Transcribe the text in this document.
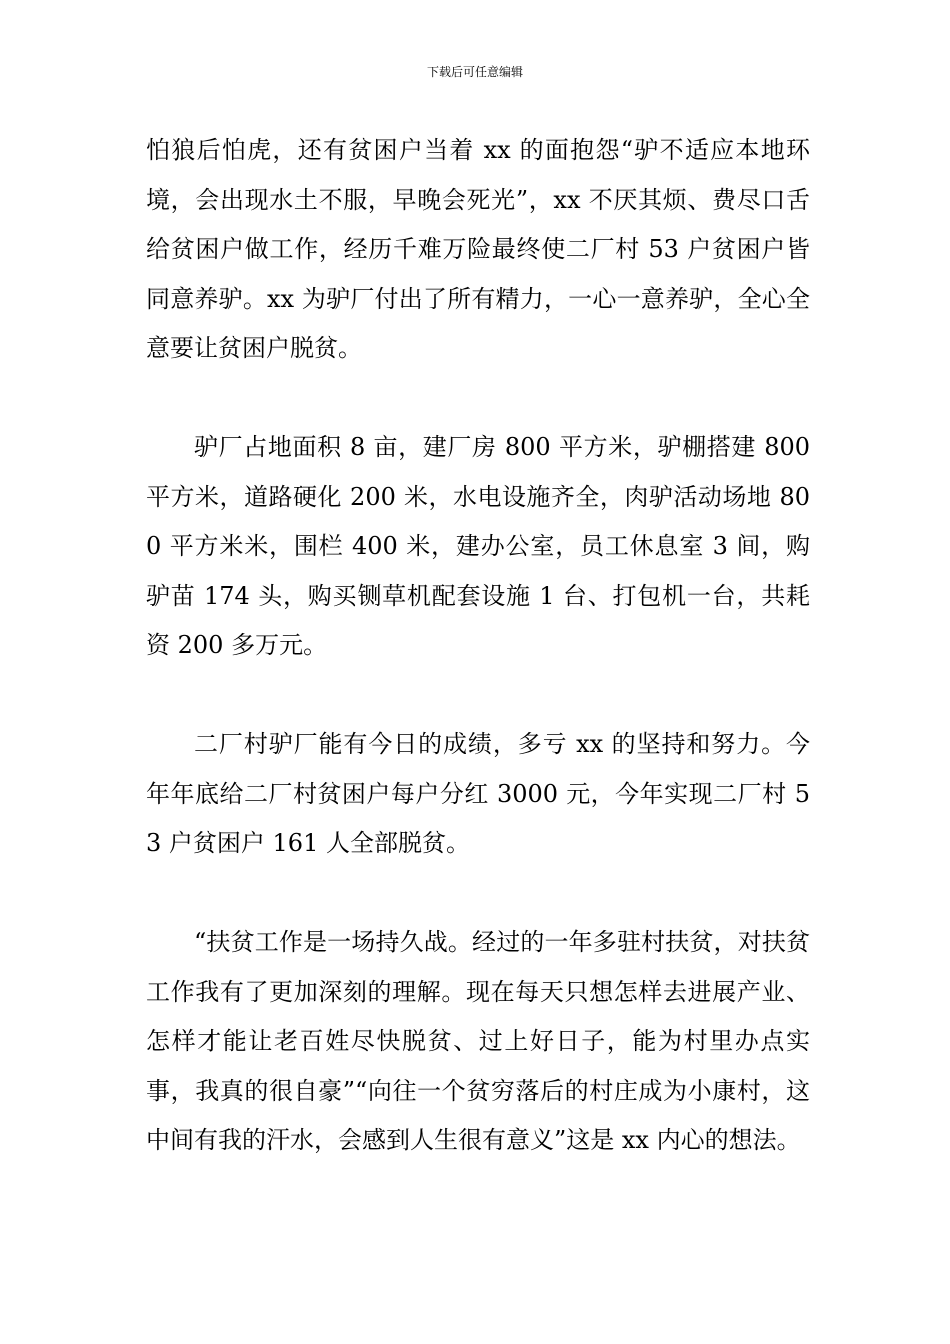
下载后可任意编辑

怕狼后怕虎，还有贫困户当着 xx 的面抱怨“驴不适应本地环境，会出现水土不服，早晚会死光”，xx 不厌其烦、费尽口舌给贫困户做工作，经历千难万险最终使二厂村 53 户贫困户皆同意养驴。xx 为驴厂付出了所有精力，一心一意养驴，全心全意要让贫困户脱贫。

驴厂占地面积 8 亩，建厂房 800 平方米，驴棚搭建 800 平方米，道路硬化 200 米，水电设施齐全，肉驴活动场地 800 平方米米，围栏 400 米，建办公室，员工休息室 3 间，购驴苗 174 头，购买铡草机配套设施 1 台、打包机一台，共耗资 200 多万元。

二厂村驴厂能有今日的成绩，多亏 xx 的坚持和努力。今年年底给二厂村贫困户每户分红 3000 元，今年实现二厂村 53 户贫困户 161 人全部脱贫。

“扶贫工作是一场持久战。经过的一年多驻村扶贫，对扶贫工作我有了更加深刻的理解。现在每天只想怎样去进展产业、怎样才能让老百姓尽快脱贫、过上好日子，能为村里办点实事，我真的很自豪”“向往一个贫穷落后的村庄成为小康村，这中间有我的汗水，会感到人生很有意义”这是 xx 内心的想法。
